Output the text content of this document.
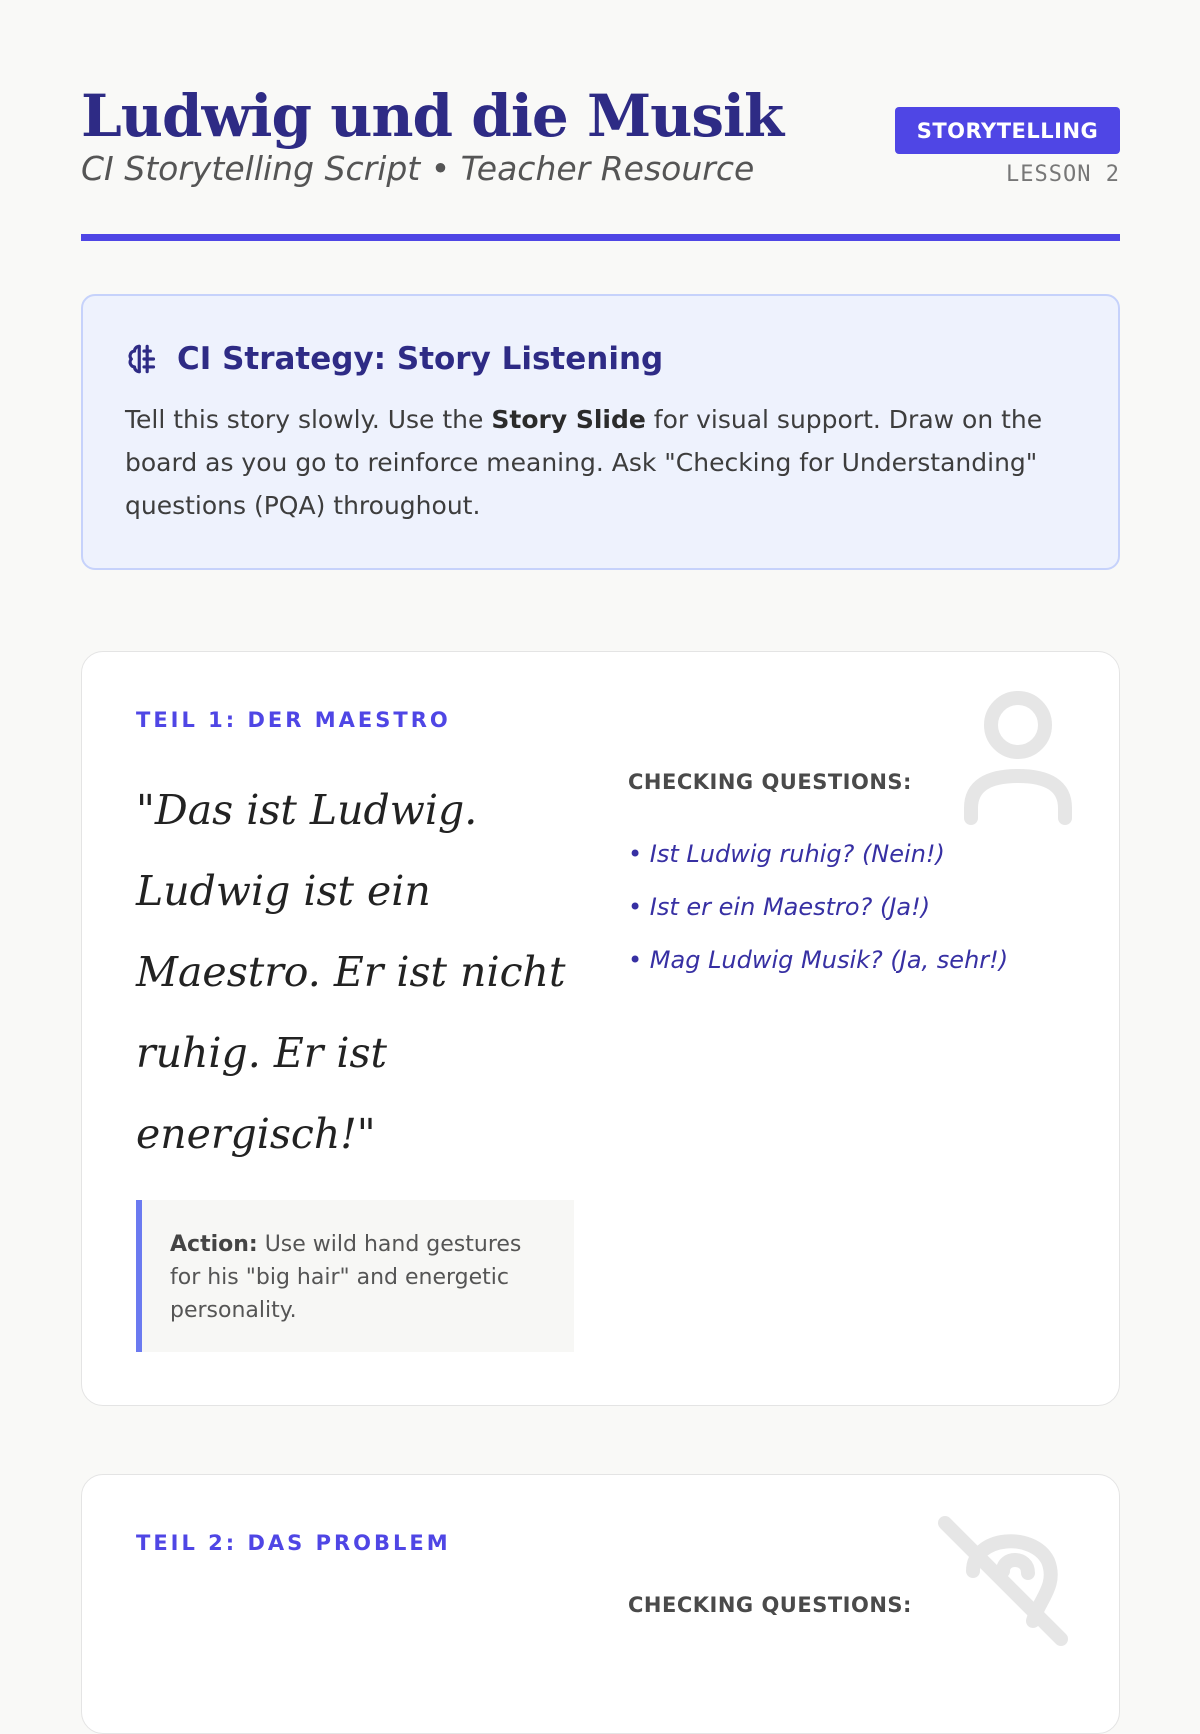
Ludwig und die Musik
CI Storytelling Script • Teacher Resource
STORYTELLING
LESSON 2
CI Strategy: Story Listening

Tell this story slowly. Use the Story Slide for visual support. Draw on the board as you go to reinforce meaning. Ask "Checking for Understanding" questions (PQA) throughout.

TEIL 1: DER MAESTRO

"Das ist Ludwig. Ludwig ist ein Maestro. Er ist nicht ruhig. Er ist energisch!"

Action: Use wild hand gestures for his "big hair" and energetic personality.
CHECKING QUESTIONS:
• Ist Ludwig ruhig? (Nein!)
• Ist er ein Maestro? (Ja!)
• Mag Ludwig Musik? (Ja, sehr!)
TEIL 2: DAS PROBLEM
CHECKING QUESTIONS:
